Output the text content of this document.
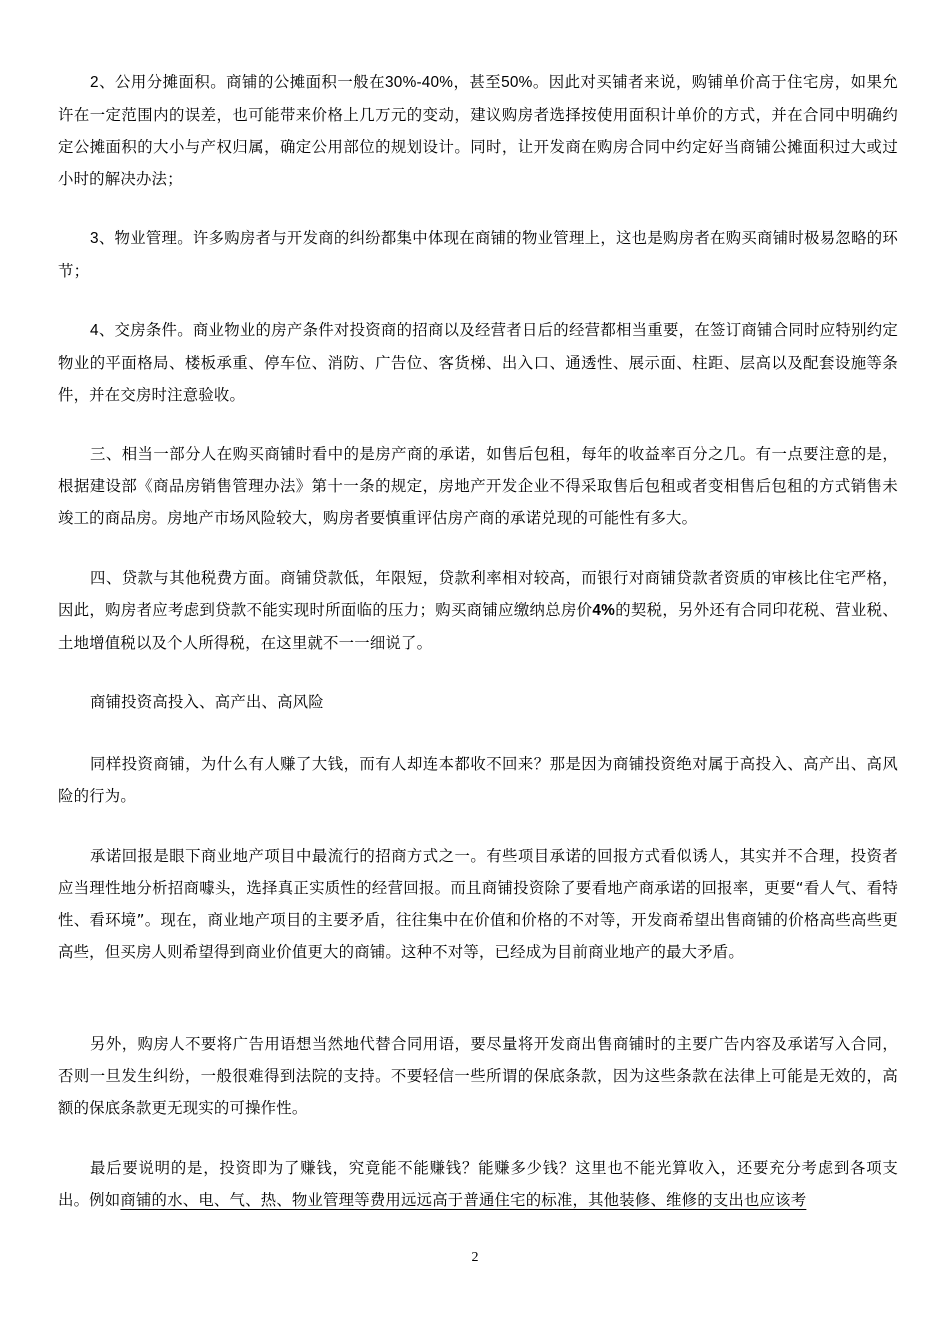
2、公用分摊面积。商铺的公摊面积一般在30%-40%，甚至50%。因此对买铺者来说，购铺单价高于住宅房，如果允许在一定范围内的误差，也可能带来价格上几万元的变动，建议购房者选择按使用面积计单价的方式，并在合同中明确约定公摊面积的大小与产权归属，确定公用部位的规划设计。同时，让开发商在购房合同中约定好当商铺公摊面积过大或过小时的解决办法；

3、物业管理。许多购房者与开发商的纠纷都集中体现在商铺的物业管理上，这也是购房者在购买商铺时极易忽略的环节；

4、交房条件。商业物业的房产条件对投资商的招商以及经营者日后的经营都相当重要，在签订商铺合同时应特别约定物业的平面格局、楼板承重、停车位、消防、广告位、客货梯、出入口、通透性、展示面、柱距、层高以及配套设施等条件，并在交房时注意验收。

三、相当一部分人在购买商铺时看中的是房产商的承诺，如售后包租，每年的收益率百分之几。有一点要注意的是，根据建设部《商品房销售管理办法》第十一条的规定，房地产开发企业不得采取售后包租或者变相售后包租的方式销售未竣工的商品房。房地产市场风险较大，购房者要慎重评估房产商的承诺兑现的可能性有多大。

四、贷款与其他税费方面。商铺贷款低，年限短，贷款利率相对较高，而银行对商铺贷款者资质的审核比住宅严格，因此，购房者应考虑到贷款不能实现时所面临的压力；购买商铺应缴纳总房价4%的契税，另外还有合同印花税、营业税、土地增值税以及个人所得税，在这里就不一一细说了。

商铺投资高投入、高产出、高风险

同样投资商铺，为什么有人赚了大钱，而有人却连本都收不回来？那是因为商铺投资绝对属于高投入、高产出、高风险的行为。

承诺回报是眼下商业地产项目中最流行的招商方式之一。有些项目承诺的回报方式看似诱人，其实并不合理，投资者应当理性地分析招商噱头，选择真正实质性的经营回报。而且商铺投资除了要看地产商承诺的回报率，更要“看人气、看特性、看环境”。现在，商业地产项目的主要矛盾，往往集中在价值和价格的不对等，开发商希望出售商铺的价格高些高些更高些，但买房人则希望得到商业价值更大的商铺。这种不对等，已经成为目前商业地产的最大矛盾。

另外，购房人不要将广告用语想当然地代替合同用语，要尽量将开发商出售商铺时的主要广告内容及承诺写入合同，否则一旦发生纠纷，一般很难得到法院的支持。不要轻信一些所谓的保底条款，因为这些条款在法律上可能是无效的，高额的保底条款更无现实的可操作性。

最后要说明的是，投资即为了赚钱，究竟能不能赚钱？能赚多少钱？这里也不能光算收入，还要充分考虑到各项支出。例如商铺的水、电、气、热、物业管理等费用远远高于普通住宅的标准，其他装修、维修的支出也应该考

2
